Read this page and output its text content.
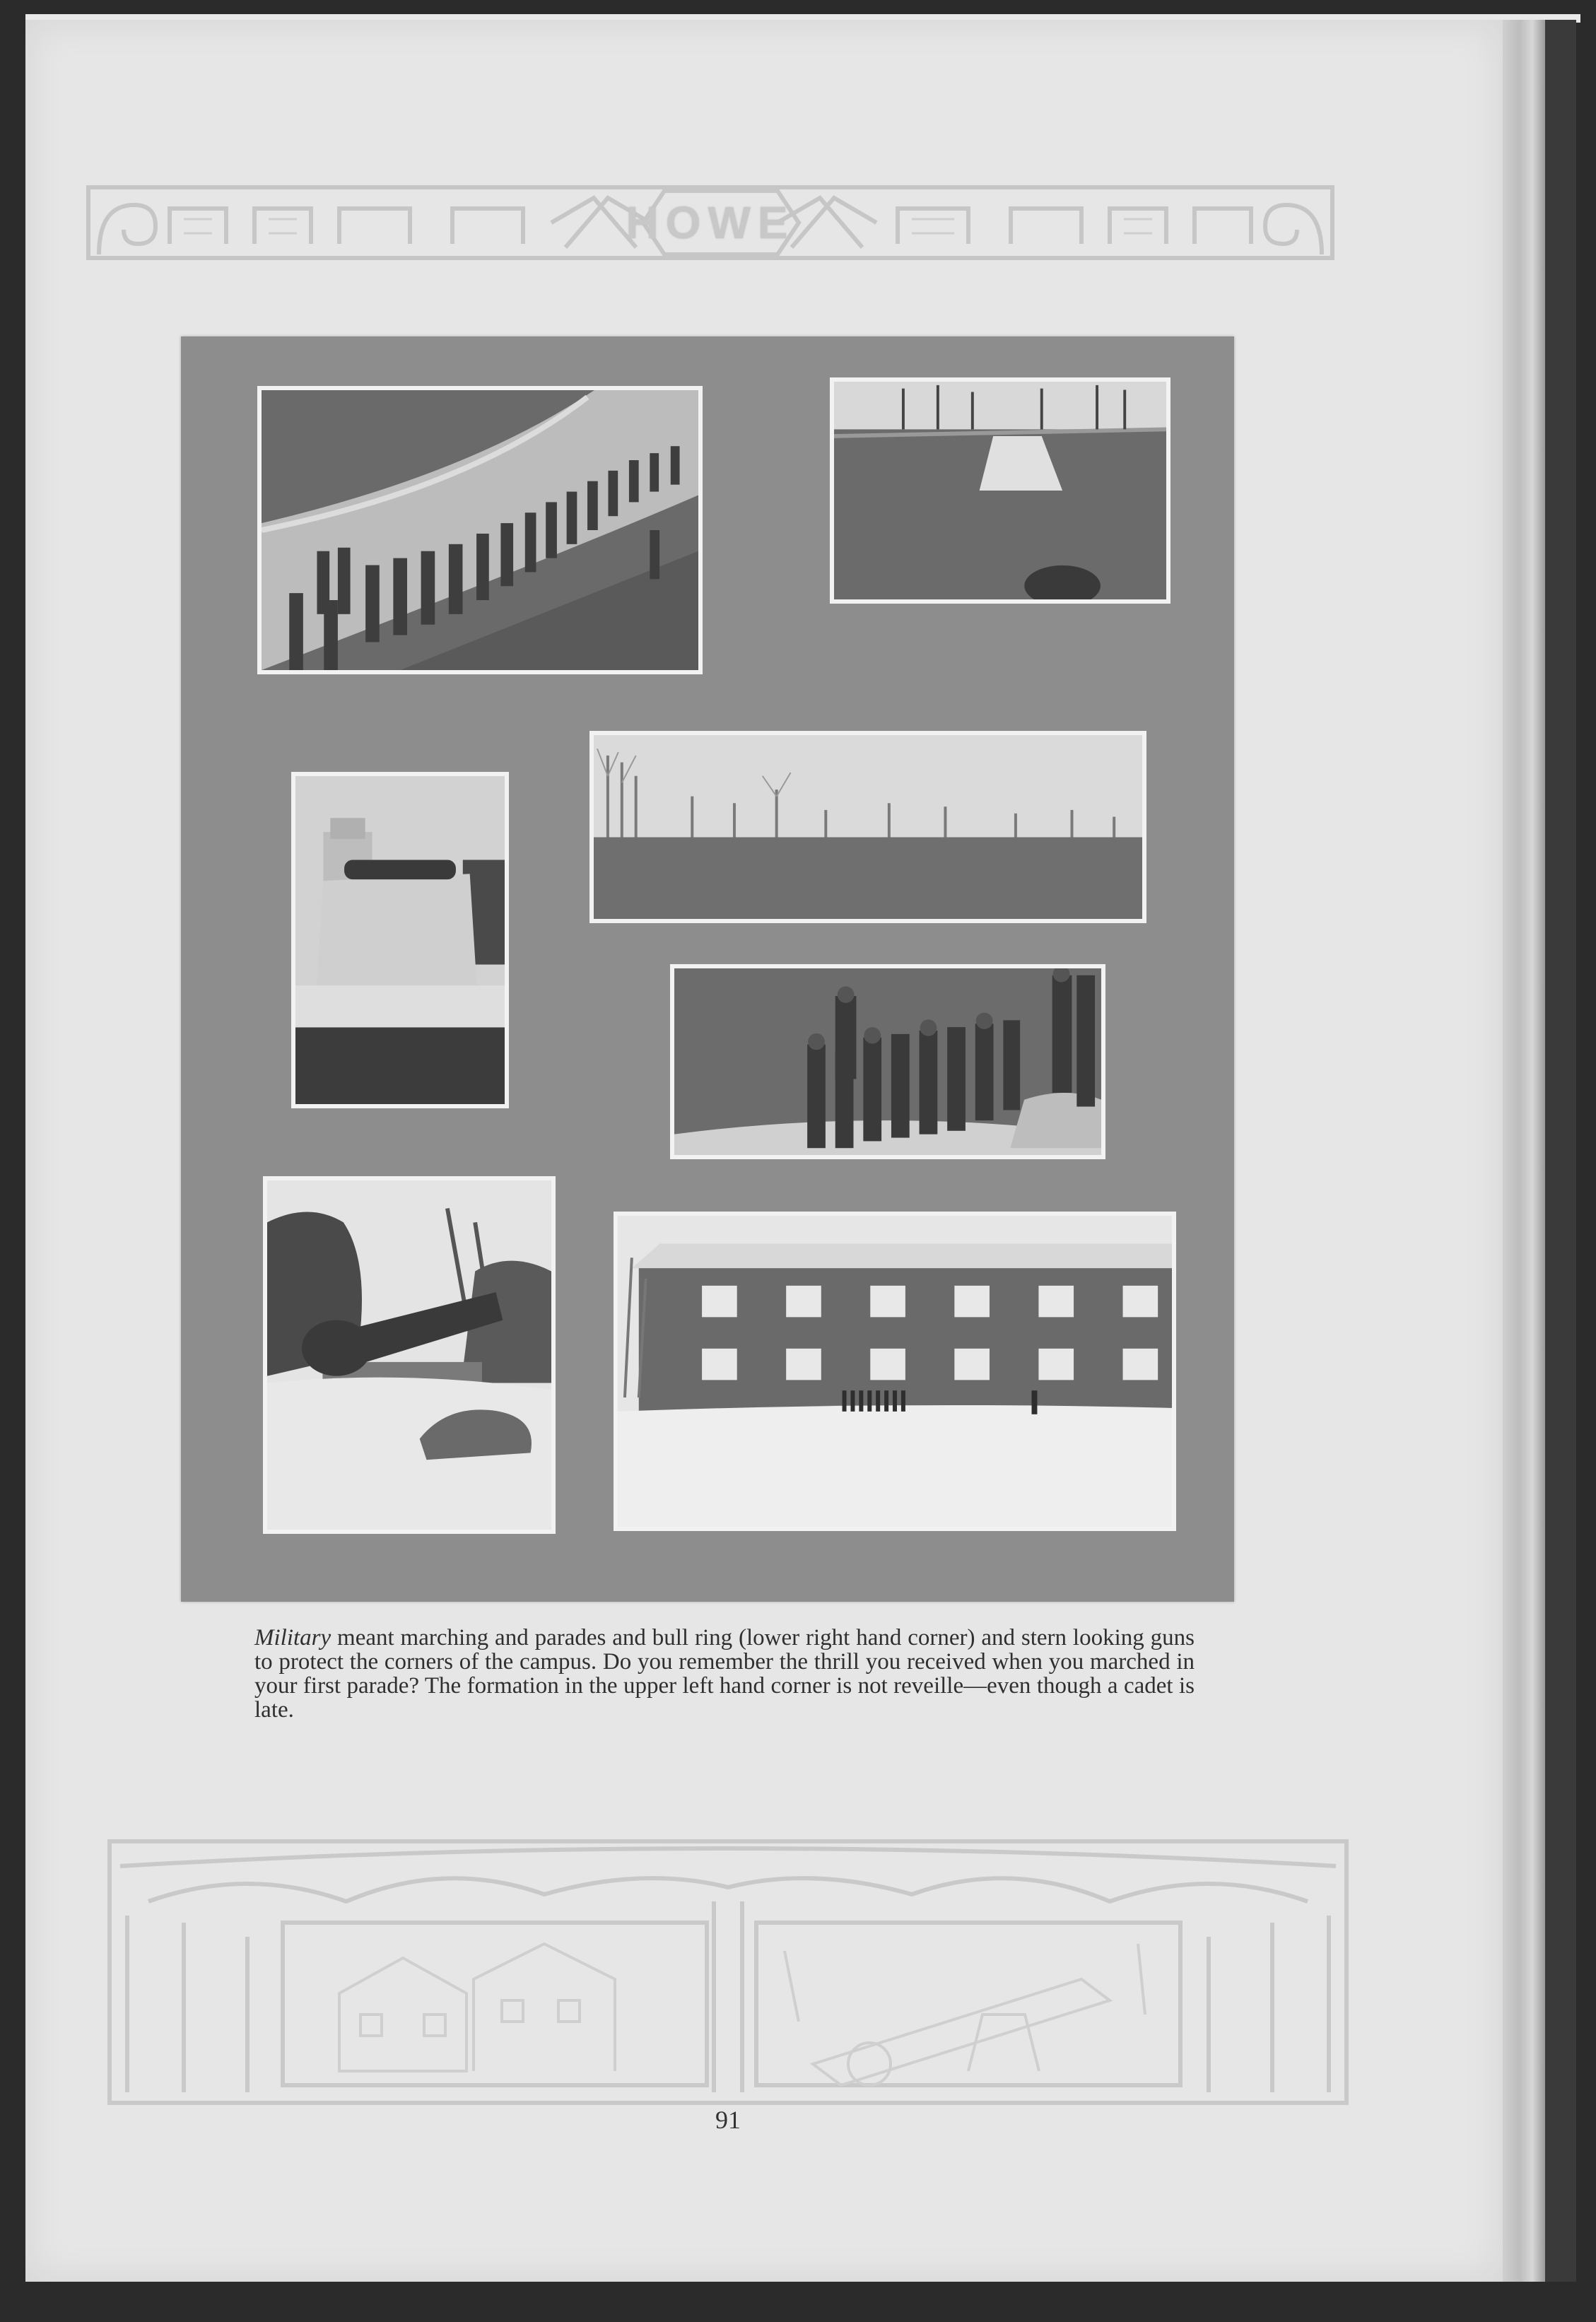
HOWE
Military meant marching and parades and bull ring (lower right hand corner) and stern looking guns to protect the corners of the campus. Do you remember the thrill you received when you marched in your first parade? The formation in the upper left hand corner is not reveille—even though a cadet is late.
91
